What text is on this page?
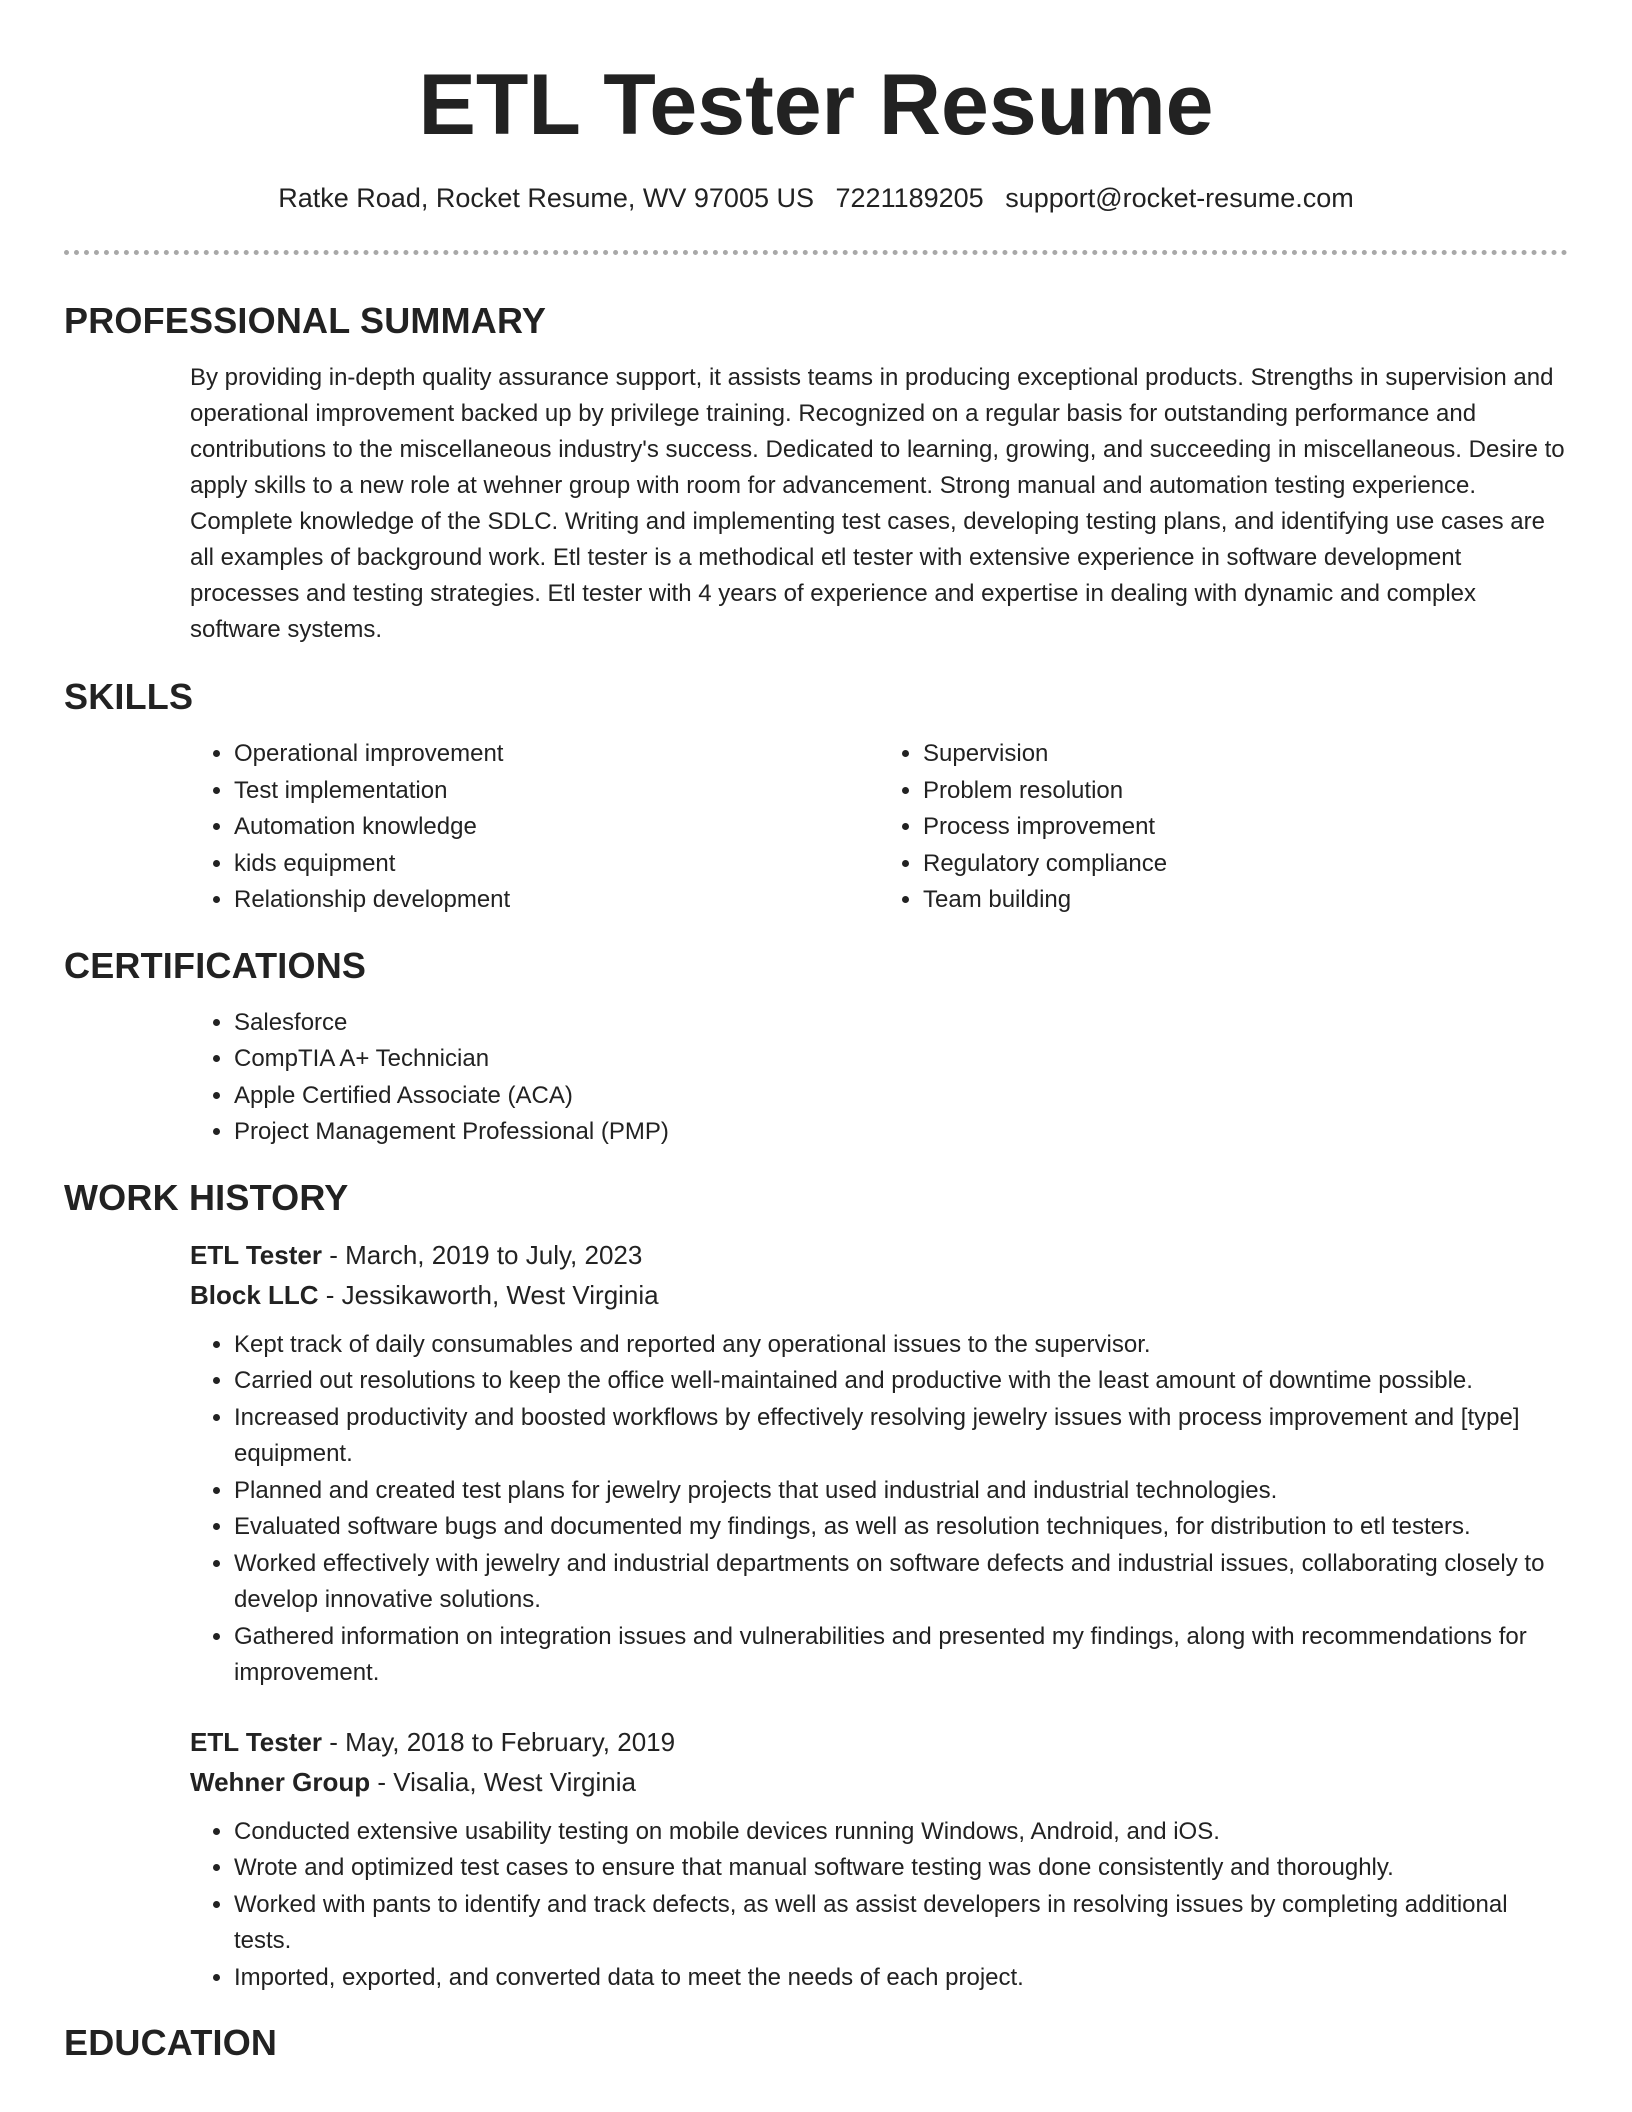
ETL Tester Resume
Ratke Road, Rocket Resume, WV 97005 US 7221189205 support@rocket-resume.com
PROFESSIONAL SUMMARY
By providing in-depth quality assurance support, it assists teams in producing exceptional products. Strengths in supervision and operational improvement backed up by privilege training. Recognized on a regular basis for outstanding performance and contributions to the miscellaneous industry's success. Dedicated to learning, growing, and succeeding in miscellaneous. Desire to apply skills to a new role at wehner group with room for advancement. Strong manual and automation testing experience. Complete knowledge of the SDLC. Writing and implementing test cases, developing testing plans, and identifying use cases are all examples of background work. Etl tester is a methodical etl tester with extensive experience in software development processes and testing strategies. Etl tester with 4 years of experience and expertise in dealing with dynamic and complex software systems.
SKILLS
• Operational improvement
• Test implementation
• Automation knowledge
• kids equipment
• Relationship development
• Supervision
• Problem resolution
• Process improvement
• Regulatory compliance
• Team building
CERTIFICATIONS
• Salesforce
• CompTIA A+ Technician
• Apple Certified Associate (ACA)
• Project Management Professional (PMP)
WORK HISTORY
ETL Tester - March, 2019 to July, 2023
Block LLC - Jessikaworth, West Virginia
• Kept track of daily consumables and reported any operational issues to the supervisor.
• Carried out resolutions to keep the office well-maintained and productive with the least amount of downtime possible.
• Increased productivity and boosted workflows by effectively resolving jewelry issues with process improvement and [type] equipment.
• Planned and created test plans for jewelry projects that used industrial and industrial technologies.
• Evaluated software bugs and documented my findings, as well as resolution techniques, for distribution to etl testers.
• Worked effectively with jewelry and industrial departments on software defects and industrial issues, collaborating closely to develop innovative solutions.
• Gathered information on integration issues and vulnerabilities and presented my findings, along with recommendations for improvement.
ETL Tester - May, 2018 to February, 2019
Wehner Group - Visalia, West Virginia
• Conducted extensive usability testing on mobile devices running Windows, Android, and iOS.
• Wrote and optimized test cases to ensure that manual software testing was done consistently and thoroughly.
• Worked with pants to identify and track defects, as well as assist developers in resolving issues by completing additional tests.
• Imported, exported, and converted data to meet the needs of each project.
EDUCATION
